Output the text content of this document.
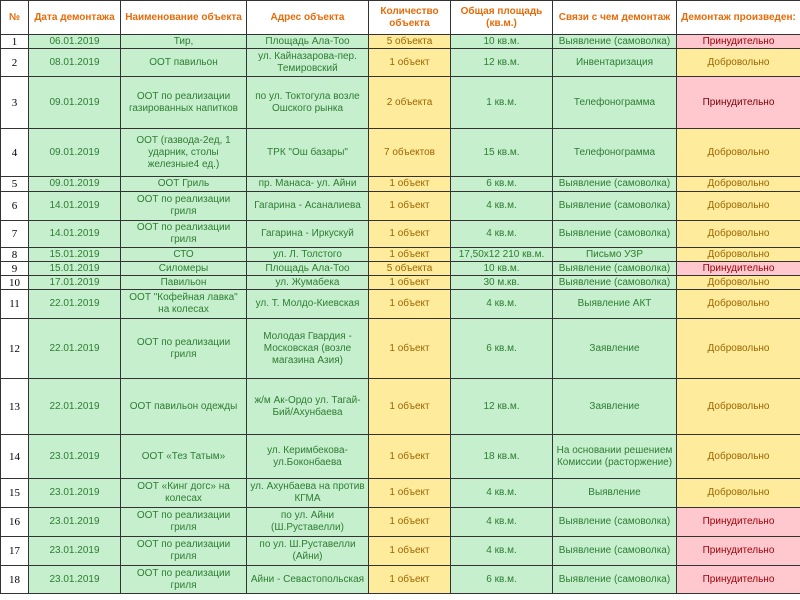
№	Дата демонтажа	Наименование объекта	Адрес объекта	Количество объекта	Общая площадь (кв.м.)	Связи с чем демонтаж	Демонтаж произведен:
1	06.01.2019	Тир,	Площадь Ала-Тоо	5 объекта	10 кв.м.	Выявление (самоволка)	Принудительно
2	08.01.2019	ООТ павильон	ул. Кайназарова-пер. Темировский	1 объект	12 кв.м.	Инвентаризация	Добровольно
3	09.01.2019	ООТ по реализации газированных напитков	по ул. Токтогула возле Ошского рынка	2 объекта	1 кв.м.	Телефонограмма	Принудительно
4	09.01.2019	ООТ (газвода-2ед, 1 ударник, столы железные4 ед.)	ТРК "Ош базары"	7 объектов	15 кв.м.	Телефонограмма	Добровольно
5	09.01.2019	ООТ Гриль	пр. Манаса- ул. Айни	1 объект	6 кв.м.	Выявление (самоволка)	Добровольно
6	14.01.2019	ООТ по реализации гриля	Гагарина - Асаналиева	1 объект	4 кв.м.	Выявление (самоволка)	Добровольно
7	14.01.2019	ООТ по реализации гриля	Гагарина - Иркускуй	1 объект	4 кв.м.	Выявление (самоволка)	Добровольно
8	15.01.2019	СТО	ул. Л. Толстого	1 объект	17,50х12 210 кв.м.	Письмо УЗР	Добровольно
9	15.01.2019	Силомеры	Площадь Ала-Тоо	5 объекта	10 кв.м.	Выявление (самоволка)	Принудительно
10	17.01.2019	Павильон	ул. Жумабека	1 объект	30 м.кв.	Выявление (самоволка)	Добровольно
11	22.01.2019	ООТ "Кофейная лавка" на колесах	ул. Т. Молдо-Киевская	1 объект	4 кв.м.	Выявление АКТ	Добровольно
12	22.01.2019	ООТ по реализации гриля	Молодая Гвардия - Московская (возле магазина Азия)	1 объект	6 кв.м.	Заявление	Добровольно
13	22.01.2019	ООТ павильон одежды	ж/м Ак-Ордо ул. Тагай-Бий/Ахунбаева	1 объект	12 кв.м.	Заявление	Добровольно
14	23.01.2019	ООТ «Тез Татым»	ул. Керимбекова-ул.Боконбаева	1 объект	18 кв.м.	На основании решением Комиссии (расторжение)	Добровольно
15	23.01.2019	ООТ «Кинг догс» на колесах	ул. Ахунбаева на против КГМА	1 объект	4 кв.м.	Выявление	Добровольно
16	23.01.2019	ООТ по реализации гриля	по ул. Айни (Ш.Руставелли)	1 объект	4 кв.м.	Выявление (самоволка)	Принудительно
17	23.01.2019	ООТ по реализации гриля	по ул. Ш.Руставелли (Айни)	1 объект	4 кв.м.	Выявление (самоволка)	Принудительно
18	23.01.2019	ООТ по реализации гриля	Айни - Севастопольская	1 объект	6 кв.м.	Выявление (самоволка)	Принудительно
